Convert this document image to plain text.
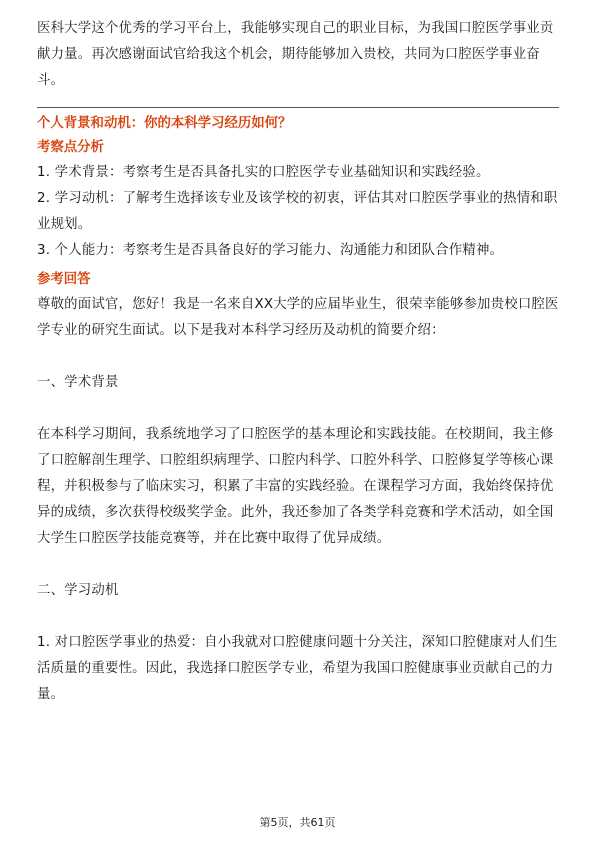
医科大学这个优秀的学习平台上，我能够实现自己的职业目标，为我国口腔医学事业贡献力量。再次感谢面试官给我这个机会，期待能够加入贵校，共同为口腔医学事业奋斗。

个人背景和动机：你的本科学习经历如何？

考察点分析

1. 学术背景：考察考生是否具备扎实的口腔医学专业基础知识和实践经验。

2. 学习动机：了解考生选择该专业及该学校的初衷，评估其对口腔医学事业的热情和职业规划。

3. 个人能力：考察考生是否具备良好的学习能力、沟通能力和团队合作精神。

参考回答

尊敬的面试官，您好！我是一名来自XX大学的应届毕业生，很荣幸能够参加贵校口腔医学专业的研究生面试。以下是我对本科学习经历及动机的简要介绍：

一、学术背景

在本科学习期间，我系统地学习了口腔医学的基本理论和实践技能。在校期间，我主修了口腔解剖生理学、口腔组织病理学、口腔内科学、口腔外科学、口腔修复学等核心课程，并积极参与了临床实习，积累了丰富的实践经验。在课程学习方面，我始终保持优异的成绩，多次获得校级奖学金。此外，我还参加了各类学科竞赛和学术活动，如全国大学生口腔医学技能竞赛等，并在比赛中取得了优异成绩。

二、学习动机

1. 对口腔医学事业的热爱：自小我就对口腔健康问题十分关注，深知口腔健康对人们生活质量的重要性。因此，我选择口腔医学专业，希望为我国口腔健康事业贡献自己的力量。

第5页，共61页
